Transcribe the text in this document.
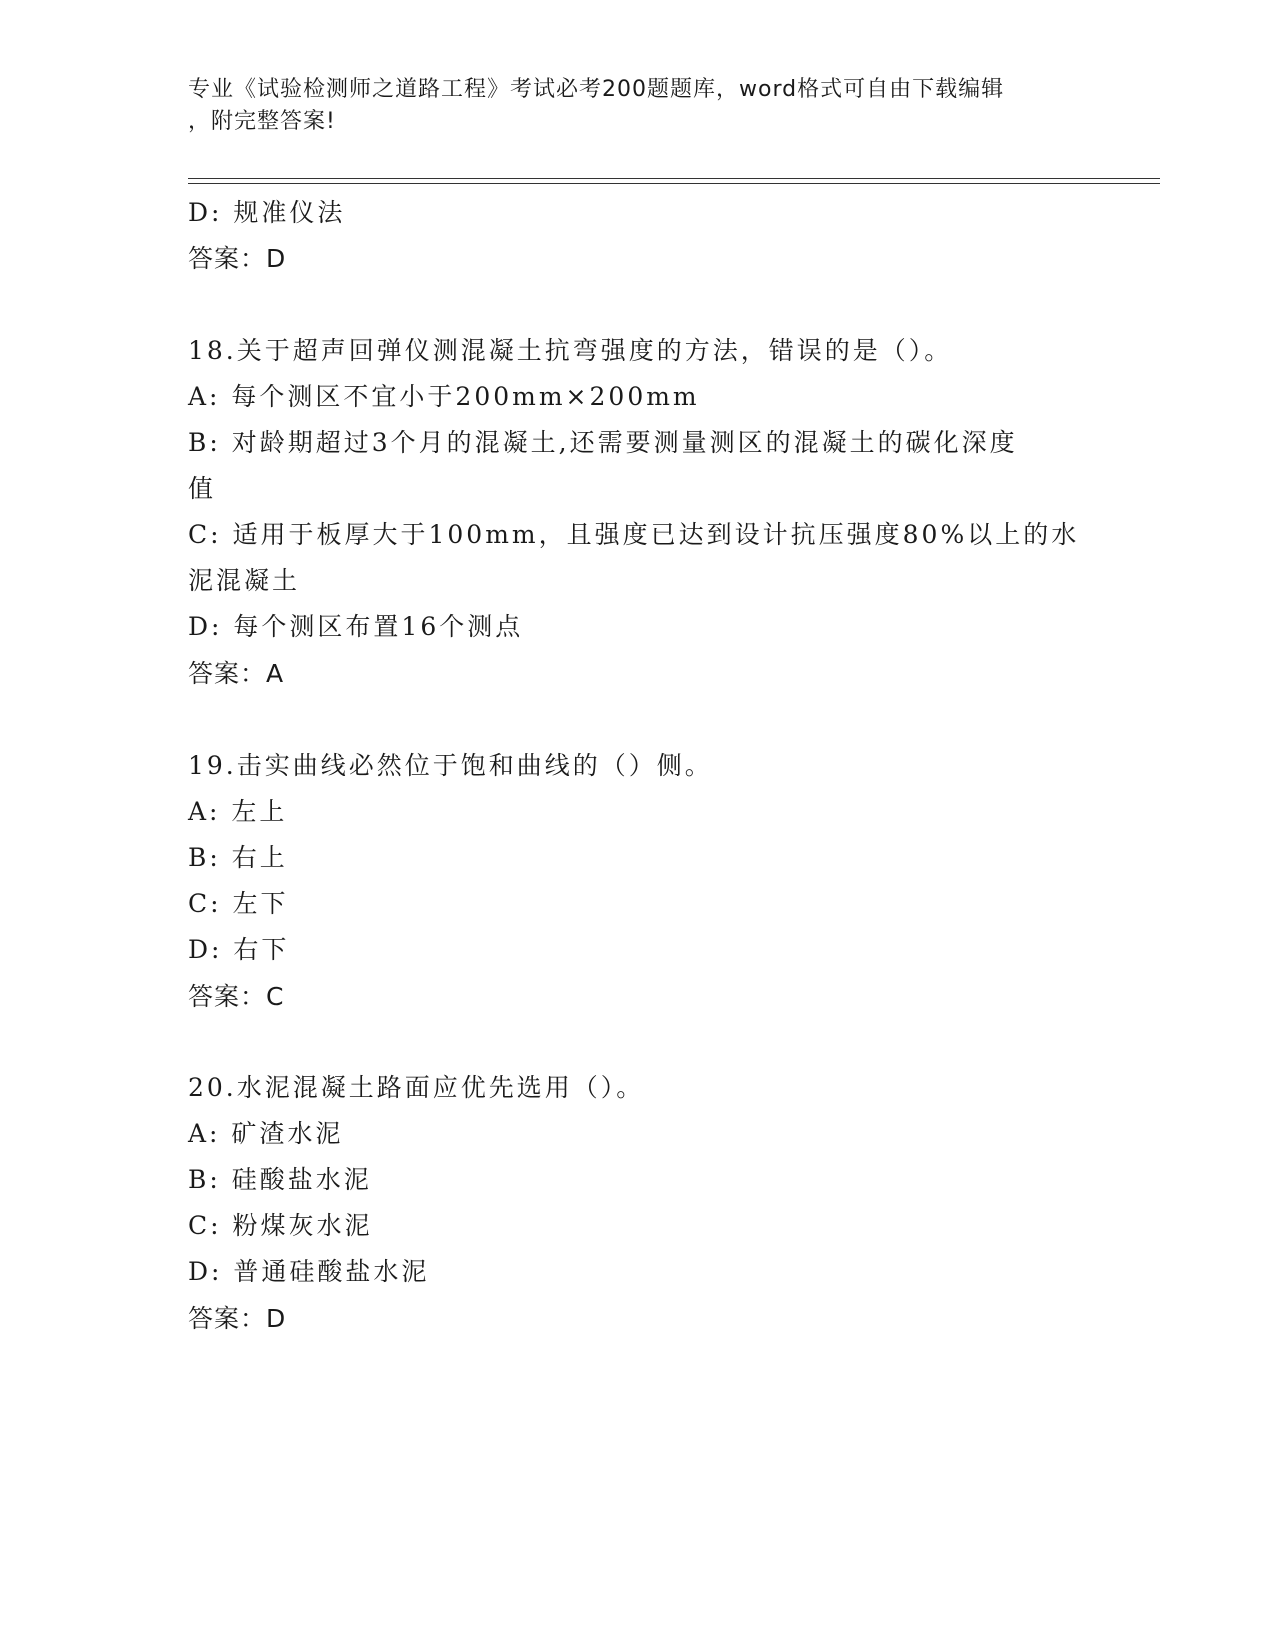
专业《试验检测师之道路工程》考试必考200题题库，word格式可自由下载编辑
，附完整答案!
D: 规准仪法
答案：D
18.关于超声回弹仪测混凝土抗弯强度的方法，错误的是（）。
A: 每个测区不宜小于200mm×200mm
B: 对龄期超过3个月的混凝土,还需要测量测区的混凝土的碳化深度
值
C: 适用于板厚大于100mm，且强度已达到设计抗压强度80%以上的水
泥混凝土
D: 每个测区布置16个测点
答案：A
19.击实曲线必然位于饱和曲线的（）侧。
A: 左上
B: 右上
C: 左下
D: 右下
答案：C
20.水泥混凝土路面应优先选用（）。
A: 矿渣水泥
B: 硅酸盐水泥
C: 粉煤灰水泥
D: 普通硅酸盐水泥
答案：D
